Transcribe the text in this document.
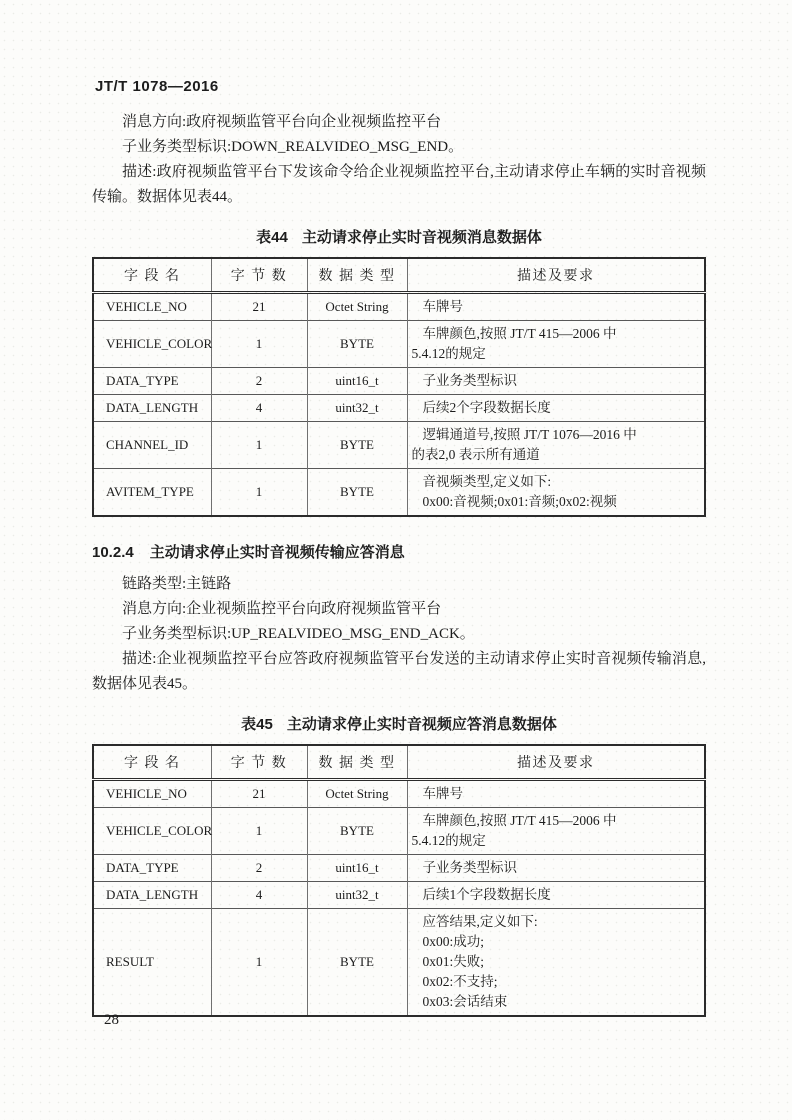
JT/T 1078—2016

消息方向:政府视频监管平台向企业视频监控平台

子业务类型标识:DOWN_REALVIDEO_MSG_END。

描述:政府视频监管平台下发该命令给企业视频监控平台,主动请求停止车辆的实时音视频传输。数据体见表44。

表44 主动请求停止实时音视频消息数据体
字 段 名	字 节 数	数 据 类 型	描述及要求
VEHICLE_NO	21	Octet String	车牌号

VEHICLE_COLOR	1	BYTE	车牌颜色,按照 JT/T 415—2006 中
5.4.12的规定

DATA_TYPE	2	uint16_t	子业务类型标识

DATA_LENGTH	4	uint32_t	后续2个字段数据长度

CHANNEL_ID	1	BYTE	逻辑通道号,按照 JT/T 1076—2016 中
的表2,0 表示所有通道

AVITEM_TYPE	1	BYTE	音视频类型,定义如下:
0x00:音视频;0x01:音频;0x02:视频
10.2.4 主动请求停止实时音视频传输应答消息

链路类型:主链路

消息方向:企业视频监控平台向政府视频监管平台

子业务类型标识:UP_REALVIDEO_MSG_END_ACK。

描述:企业视频监控平台应答政府视频监管平台发送的主动请求停止实时音视频传输消息,数据体见表45。

表45 主动请求停止实时音视频应答消息数据体
字 段 名	字 节 数	数 据 类 型	描述及要求
VEHICLE_NO	21	Octet String	车牌号

VEHICLE_COLOR	1	BYTE	车牌颜色,按照 JT/T 415—2006 中
5.4.12的规定

DATA_TYPE	2	uint16_t	子业务类型标识

DATA_LENGTH	4	uint32_t	后续1个字段数据长度

RESULT	1	BYTE	应答结果,定义如下:
0x00:成功;
0x01:失败;
0x02:不支持;
0x03:会话结束
28
